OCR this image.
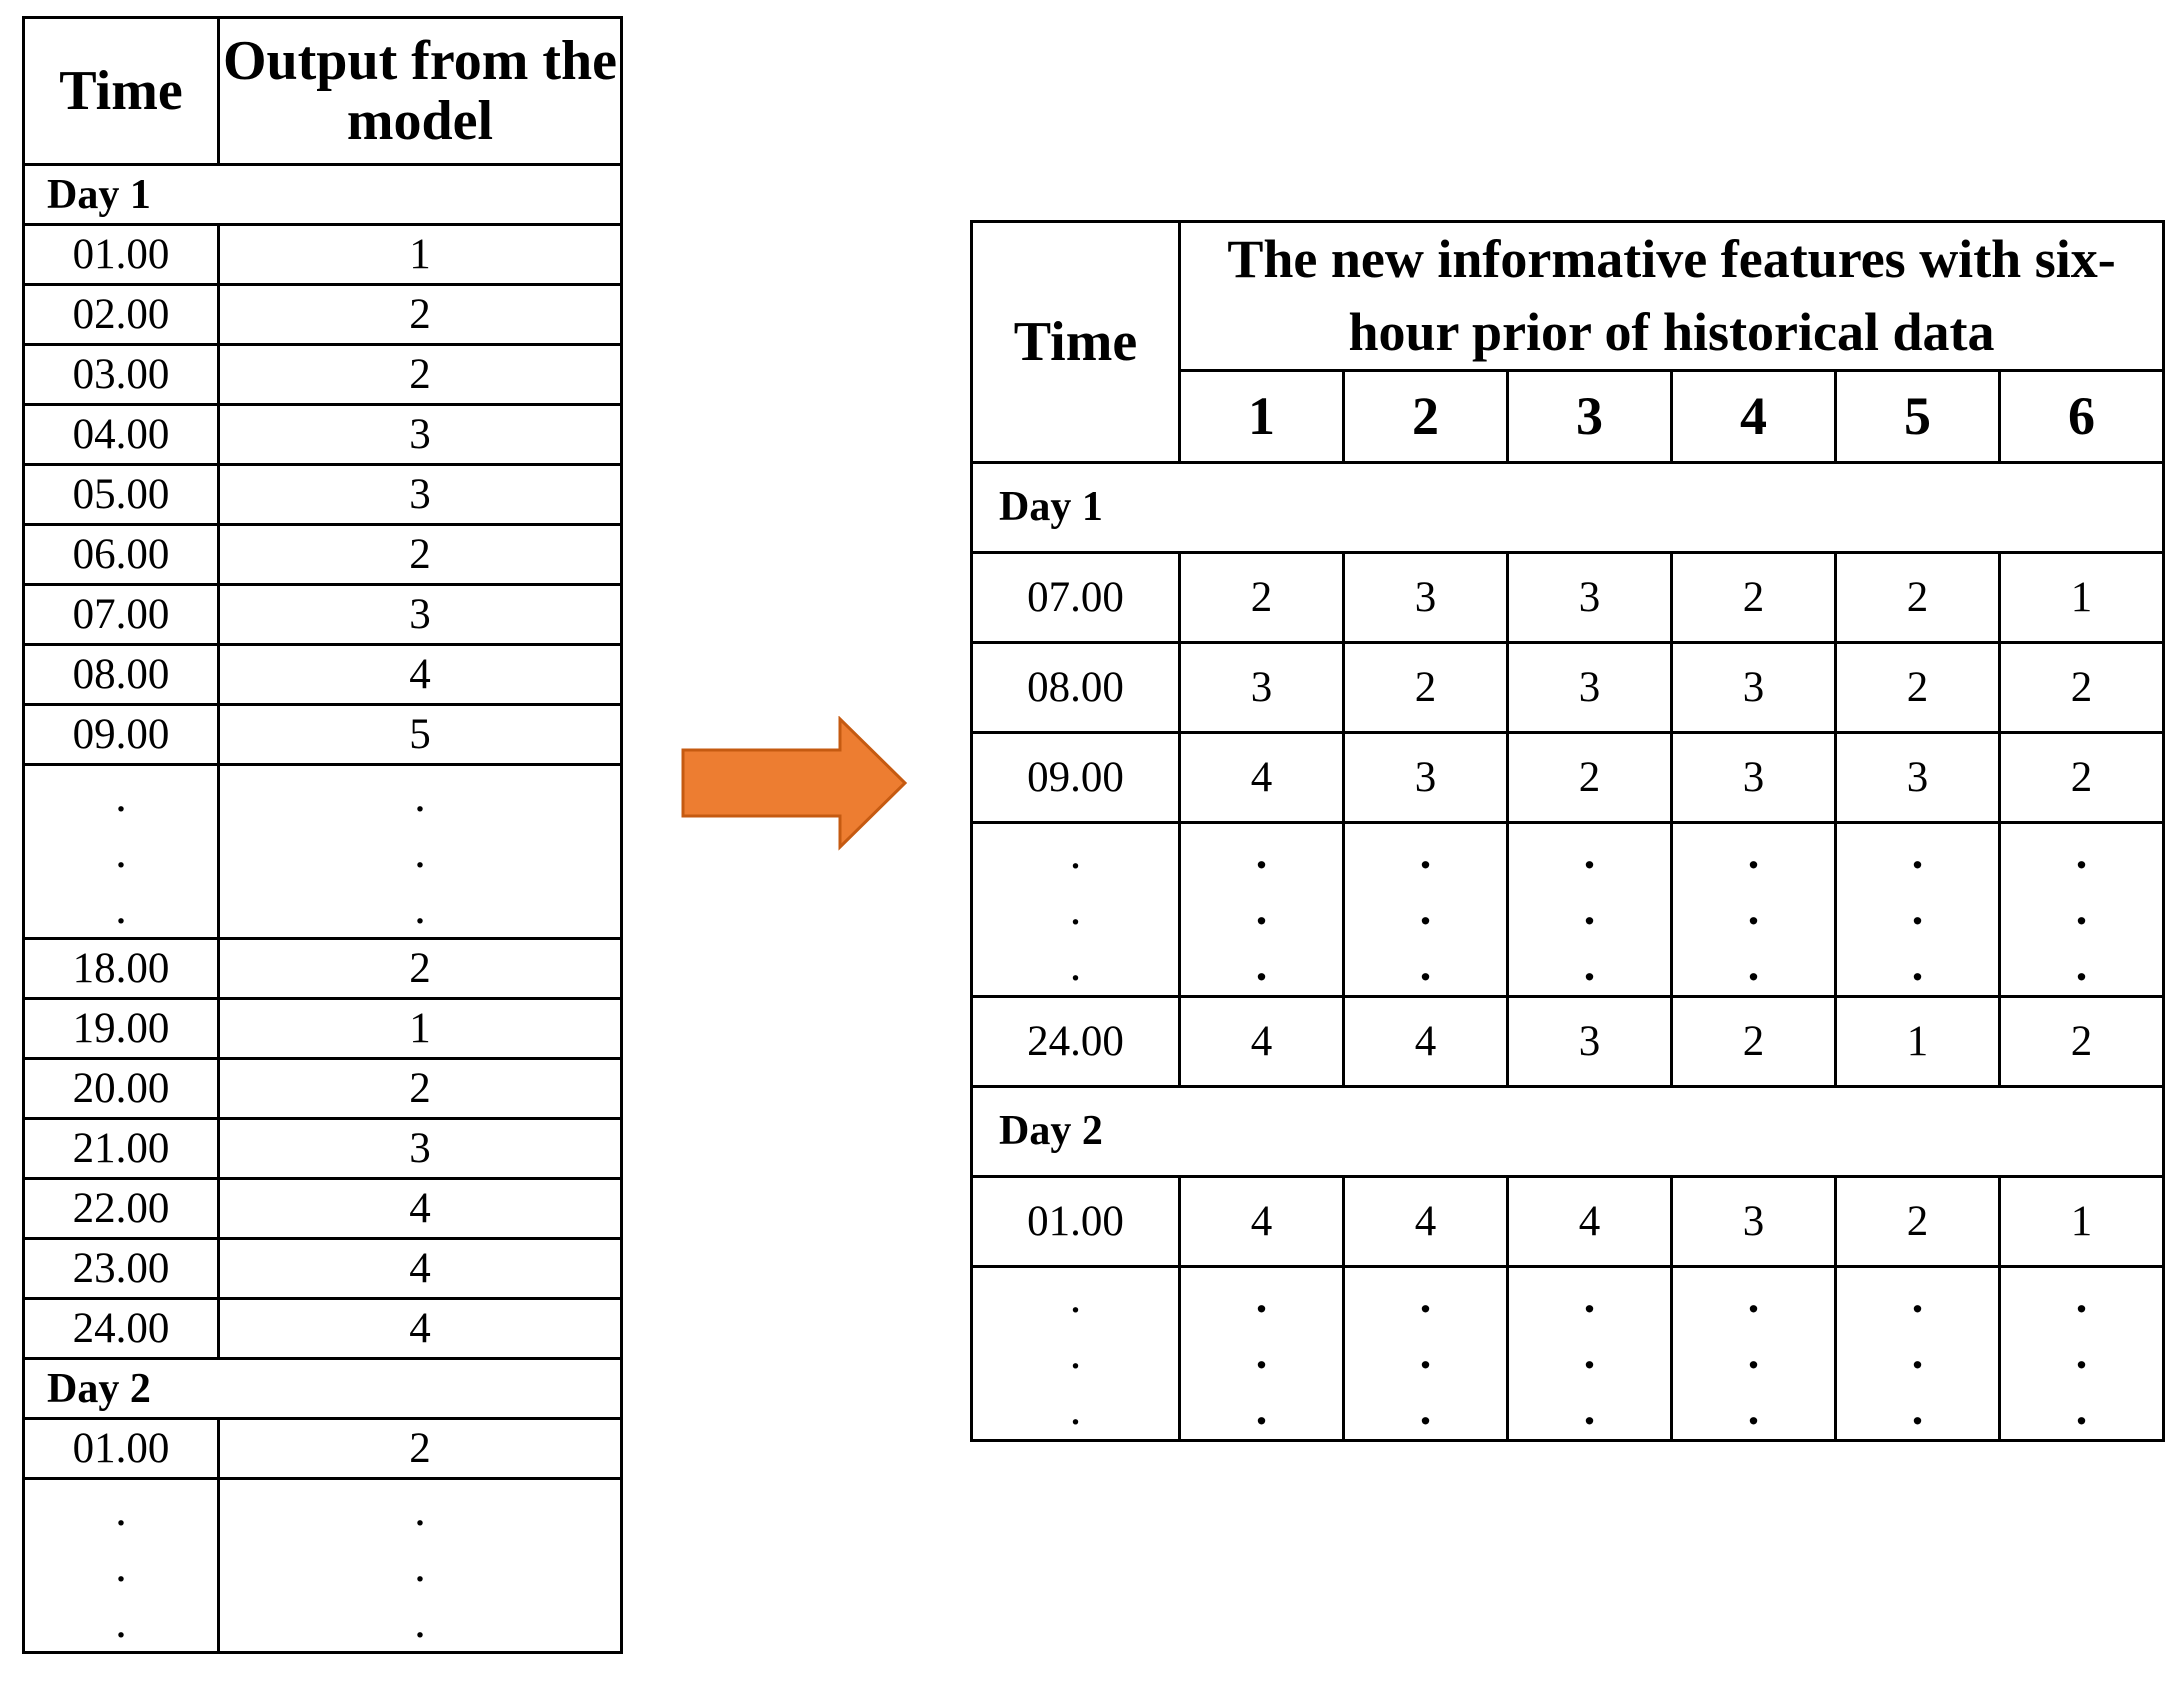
Time	Output from the model
Day 1	
01.00	1
02.00	2
03.00	2
04.00	3
05.00	3
06.00	2
07.00	3
08.00	4
09.00	5

.
.
.	.
.
.

18.00	2
19.00	1
20.00	2
21.00	3
22.00	4
23.00	4
24.00	4
Day 2	
01.00	2

.
.
.	.
.
.
Time	The new informative features with six-hour prior of historical data					
	1	2	3	4	5	6
Day 1						
07.00	2	3	3	2	2	1
08.00	3	2	3	3	2	2
09.00	4	3	2	3	3	2

.
.
.	.
.
.	.
.
.	.
.
.	.
.
.	.
.
.	.
.
.

24.00	4	4	3	2	1	2
Day 2						
01.00	4	4	4	3	2	1

.
.
.	.
.
.	.
.
.	.
.
.	.
.
.	.
.
.	.
.
.
